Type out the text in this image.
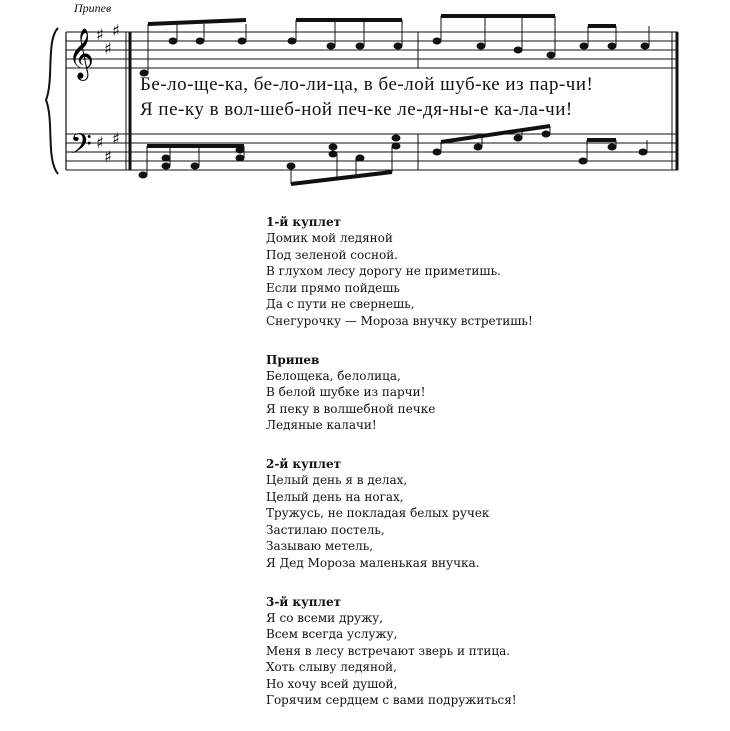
𝄞
𝄢
♯
♯
♯
♯
♯
♯
Припев
Бе-ло-ще-ка, бе-ло-ли-ца, в бе-лой шуб-ке из пар-чи!
Я пе-ку в вол-шеб-ной печ-ке ле-дя-ны-е ка-ла-чи!
1-й куплет
Домик мой ледяной
Под зеленой сосной.
В глухом лесу дорогу не приметишь.
Если прямо пойдешь
Да с пути не свернешь,
Снегурочку — Мороза внучку встретишь!
Припев
Белощека, белолица,
В белой шубке из парчи!
Я пеку в волшебной печке
Ледяные калачи!
2-й куплет
Целый день я в делах,
Целый день на ногах,
Тружусь, не покладая белых ручек
Застилаю постель,
Зазываю метель,
Я Дед Мороза маленькая внучка.
3-й куплет
Я со всеми дружу,
Всем всегда услужу,
Меня в лесу встречают зверь и птица.
Хоть слыву ледяной,
Но хочу всей душой,
Горячим сердцем с вами подружиться!
